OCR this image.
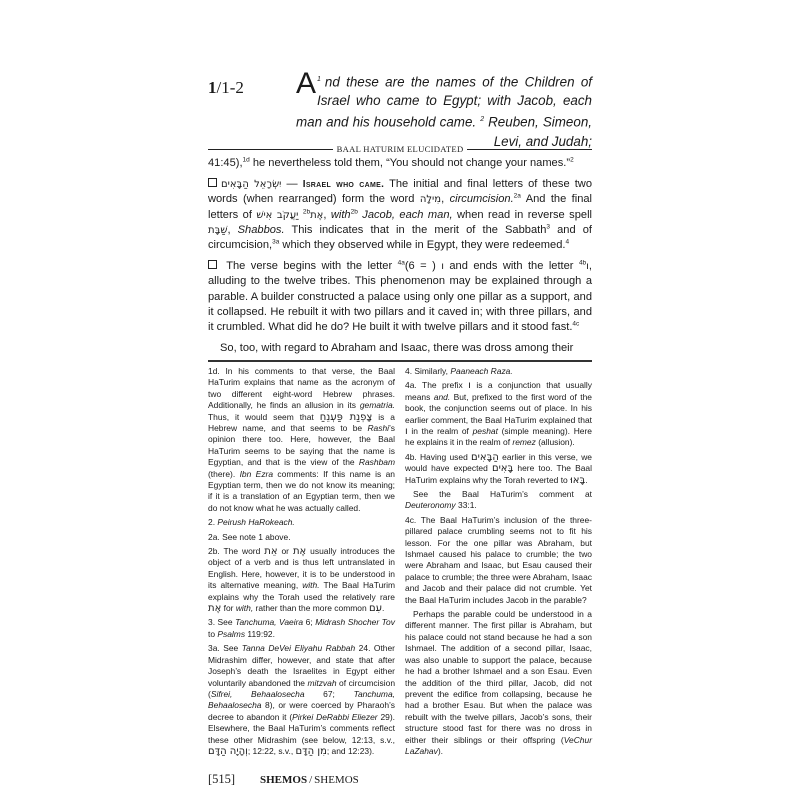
1/1-2	$^1$
A nd these are the names of the Children of Israel who came to Egypt; with Jacob, each man and his household came. $^2$ Reuben, Simeon, Levi, and Judah;
BAAL HATURIM ELUCIDATED

41:45),$^{1d}$ he nevertheless told them, “You should not change your names.”$^2$

יִשְׂרָאֵל הַבָּאִים — Israel who came. The initial and final letters of these two words (when rearranged) form the word מִילָה, circumcision.$^{2a}$ And the final letters of יַעֲקֹב אִישׁ $^{2b}$אֶת, with$^{2b}$ Jacob, each man, when read in reverse spell שַׁבָּת, Shabbos. This indicates that in the merit of the Sabbath$^3$ and of circumcision,$^{3a}$ which they observed while in Egypt, they were redeemed.$^4$

The verse begins with the letter $^{4a}$	ו ( = 6) and ends with the letter $^{4b}$ו, alluding to the twelve tribes. This phenomenon may be explained through a parable. A builder constructed a palace using only one pillar as a support, and it collapsed. He rebuilt it with two pillars and it caved in; with three pillars, and it crumbled. What did he do? He built it with twelve pillars and it stood fast.$^{4c}$

So, too, with regard to Abraham and Isaac, there was dross among their

1d. In his comments to that verse, the Baal HaTurim explains that name as the acronym of two different eight-word Hebrew phrases. Additionally, he finds an allusion in its gematria. Thus, it would seem that צָפְנַת פַּעְנֵחַ is a Hebrew name, and that seems to be Rashi’s opinion there too. Here, however, the Baal HaTurim seems to be saying that the name is Egyptian, and that is the view of the Rashbam (there). Ibn Ezra comments: If this name is an Egyptian term, then we do not know its meaning; if it is a translation of an Egyptian term, then we do not know what he was actually called.

2. Peirush HaRokeach.

2a. See note 1 above.

2b. The word אֵת or אֶת usually introduces the object of a verb and is thus left untranslated in English. Here, however, it is to be understood in its alternative meaning, with. The Baal HaTurim explains why the Torah used the relatively rare אֶת for with, rather than the more common עִם.

3. See Tanchuma, Vaeira 6; Midrash Shocher Tov to Psalms 119:92.

3a. See Tanna DeVei Eliyahu Rabbah 24. Other Midrashim differ, however, and state that after Joseph’s death the Israelites in Egypt either voluntarily abandoned the mitzvah of circumcision (Sifrei, Behaalosecha 67; Tanchuma, Behaalosecha 8), or were coerced by Pharaoh’s decree to abandon it (Pirkei DeRabbi Eliezer 29). Elsewhere, the Baal HaTurim’s comments reflect these other Midrashim (see below, 12:13, s.v., וְהָיָה הַדָּם; 12:22, s.v., מִן הַדָּם; and 12:23).

4. Similarly, Paaneach Raza.

4a. The prefix ו is a conjunction that usually means and. But, prefixed to the first word of the book, the conjunction seems out of place. In his earlier comment, the Baal HaTurim explained that ו in the realm of peshat (simple meaning). Here he explains it in the realm of remez (allusion).

4b. Having used הַבָּאִים earlier in this verse, we would have expected בָּאִים here too. The Baal HaTurim explains why the Torah reverted to בָּאוּ.

See the Baal HaTurim’s comment at Deuteronomy 33:1.

4c. The Baal HaTurim’s inclusion of the three-pillared palace crumbling seems not to fit his lesson. For the one pillar was Abraham, but Ishmael caused his palace to crumble; the two were Abraham and Isaac, but Esau caused their palace to crumble; the three were Abraham, Isaac and Jacob and their palace did not crumble. Yet the Baal HaTurim includes Jacob in the parable?

Perhaps the parable could be understood in a different manner. The first pillar is Abraham, but his palace could not stand because he had a son Ishmael. The addition of a second pillar, Isaac, was also unable to support the palace, because he had a brother Ishmael and a son Esau. Even the addition of the third pillar, Jacob, did not prevent the edifice from collapsing, because he had a brother Esau. But when the palace was rebuilt with the twelve pillars, Jacob’s sons, their structure stood fast for there was no dross in either their siblings or their offspring (VeChur LaZahav).

[515]	SHEMOS / SHEMOS
